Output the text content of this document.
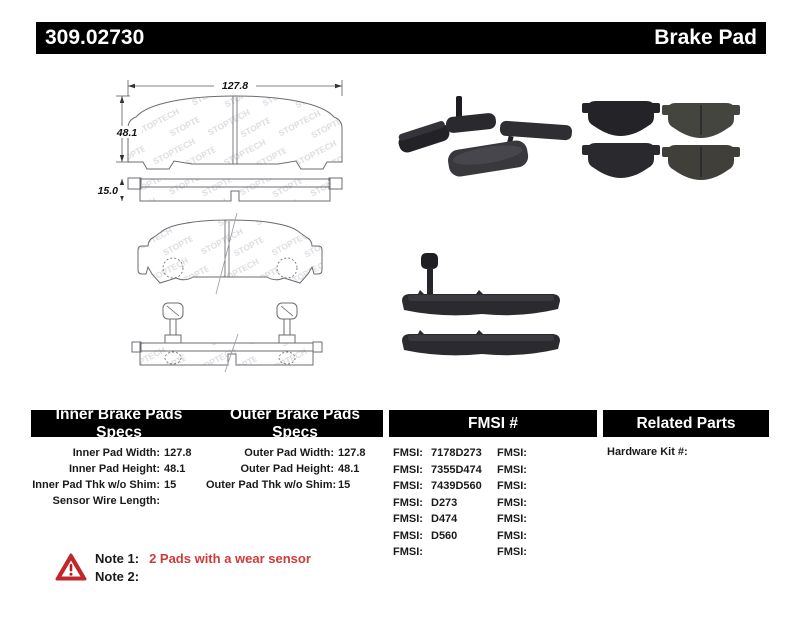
309.02730	Brake Pad
127.8
48.1
15.0
Inner Brake Pads Specs
Outer Brake Pads Specs
FMSI #	Related Parts
Inner Pad Width: 127.8
Inner Pad Height: 48.1
Inner Pad Thk w/o Shim: 15
Sensor Wire Length:
Outer Pad Width: 127.8
Outer Pad Height: 48.1
Outer Pad Thk w/o Shim: 15
FMSI: 7178D273
FMSI: 7355D474
FMSI: 7439D560
FMSI: D273
FMSI: D474
FMSI: D560
FMSI:
FMSI:
FMSI:
FMSI:
FMSI:
FMSI:
FMSI:
FMSI:
Hardware Kit #:
Note 1: 2 Pads with a wear sensor
Note 2:
